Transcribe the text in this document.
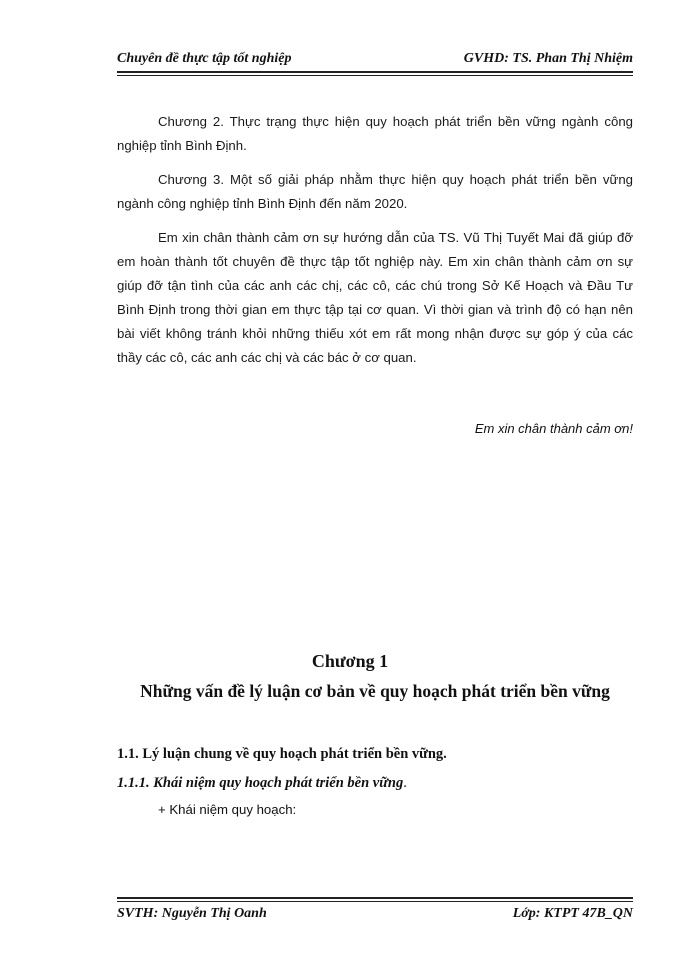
Chuyên đề thực tập tốt nghiệp	GVHD: TS. Phan Thị Nhiệm

Chương 2. Thực trạng thực hiện quy hoạch phát triển bền vững ngành công nghiệp tỉnh Bình Định.

Chương 3. Một số giải pháp nhằm thực hiện quy hoạch phát triển bền vững ngành công nghiệp tỉnh Bình Định đến năm 2020.

Em xin chân thành cảm ơn sự hướng dẫn của TS. Vũ Thị Tuyết Mai đã giúp đỡ em hoàn thành tốt chuyên đề thực tập tốt nghiệp này. Em xin chân thành cảm ơn sự giúp đỡ tận tình của các anh các chị, các cô, các chú trong Sở Kế Hoạch và Đầu Tư Bình Định trong thời gian em thực tập tại cơ quan. Vì thời gian và trình độ có hạn nên bài viết không tránh khỏi những thiếu xót em rất mong nhận được sự góp ý của các thầy các cô, các anh các chị và các bác ở cơ quan.

Em xin chân thành cảm ơn!
Chương 1
Những vấn đề lý luận cơ bản về quy hoạch phát triển bền vững
1.1. Lý luận chung về quy hoạch phát triển bền vững.
1.1.1. Khái niệm quy hoạch phát triển bền vững.
+ Khái niệm quy hoạch:
SVTH: Nguyễn Thị Oanh	Lớp: KTPT 47B_QN
